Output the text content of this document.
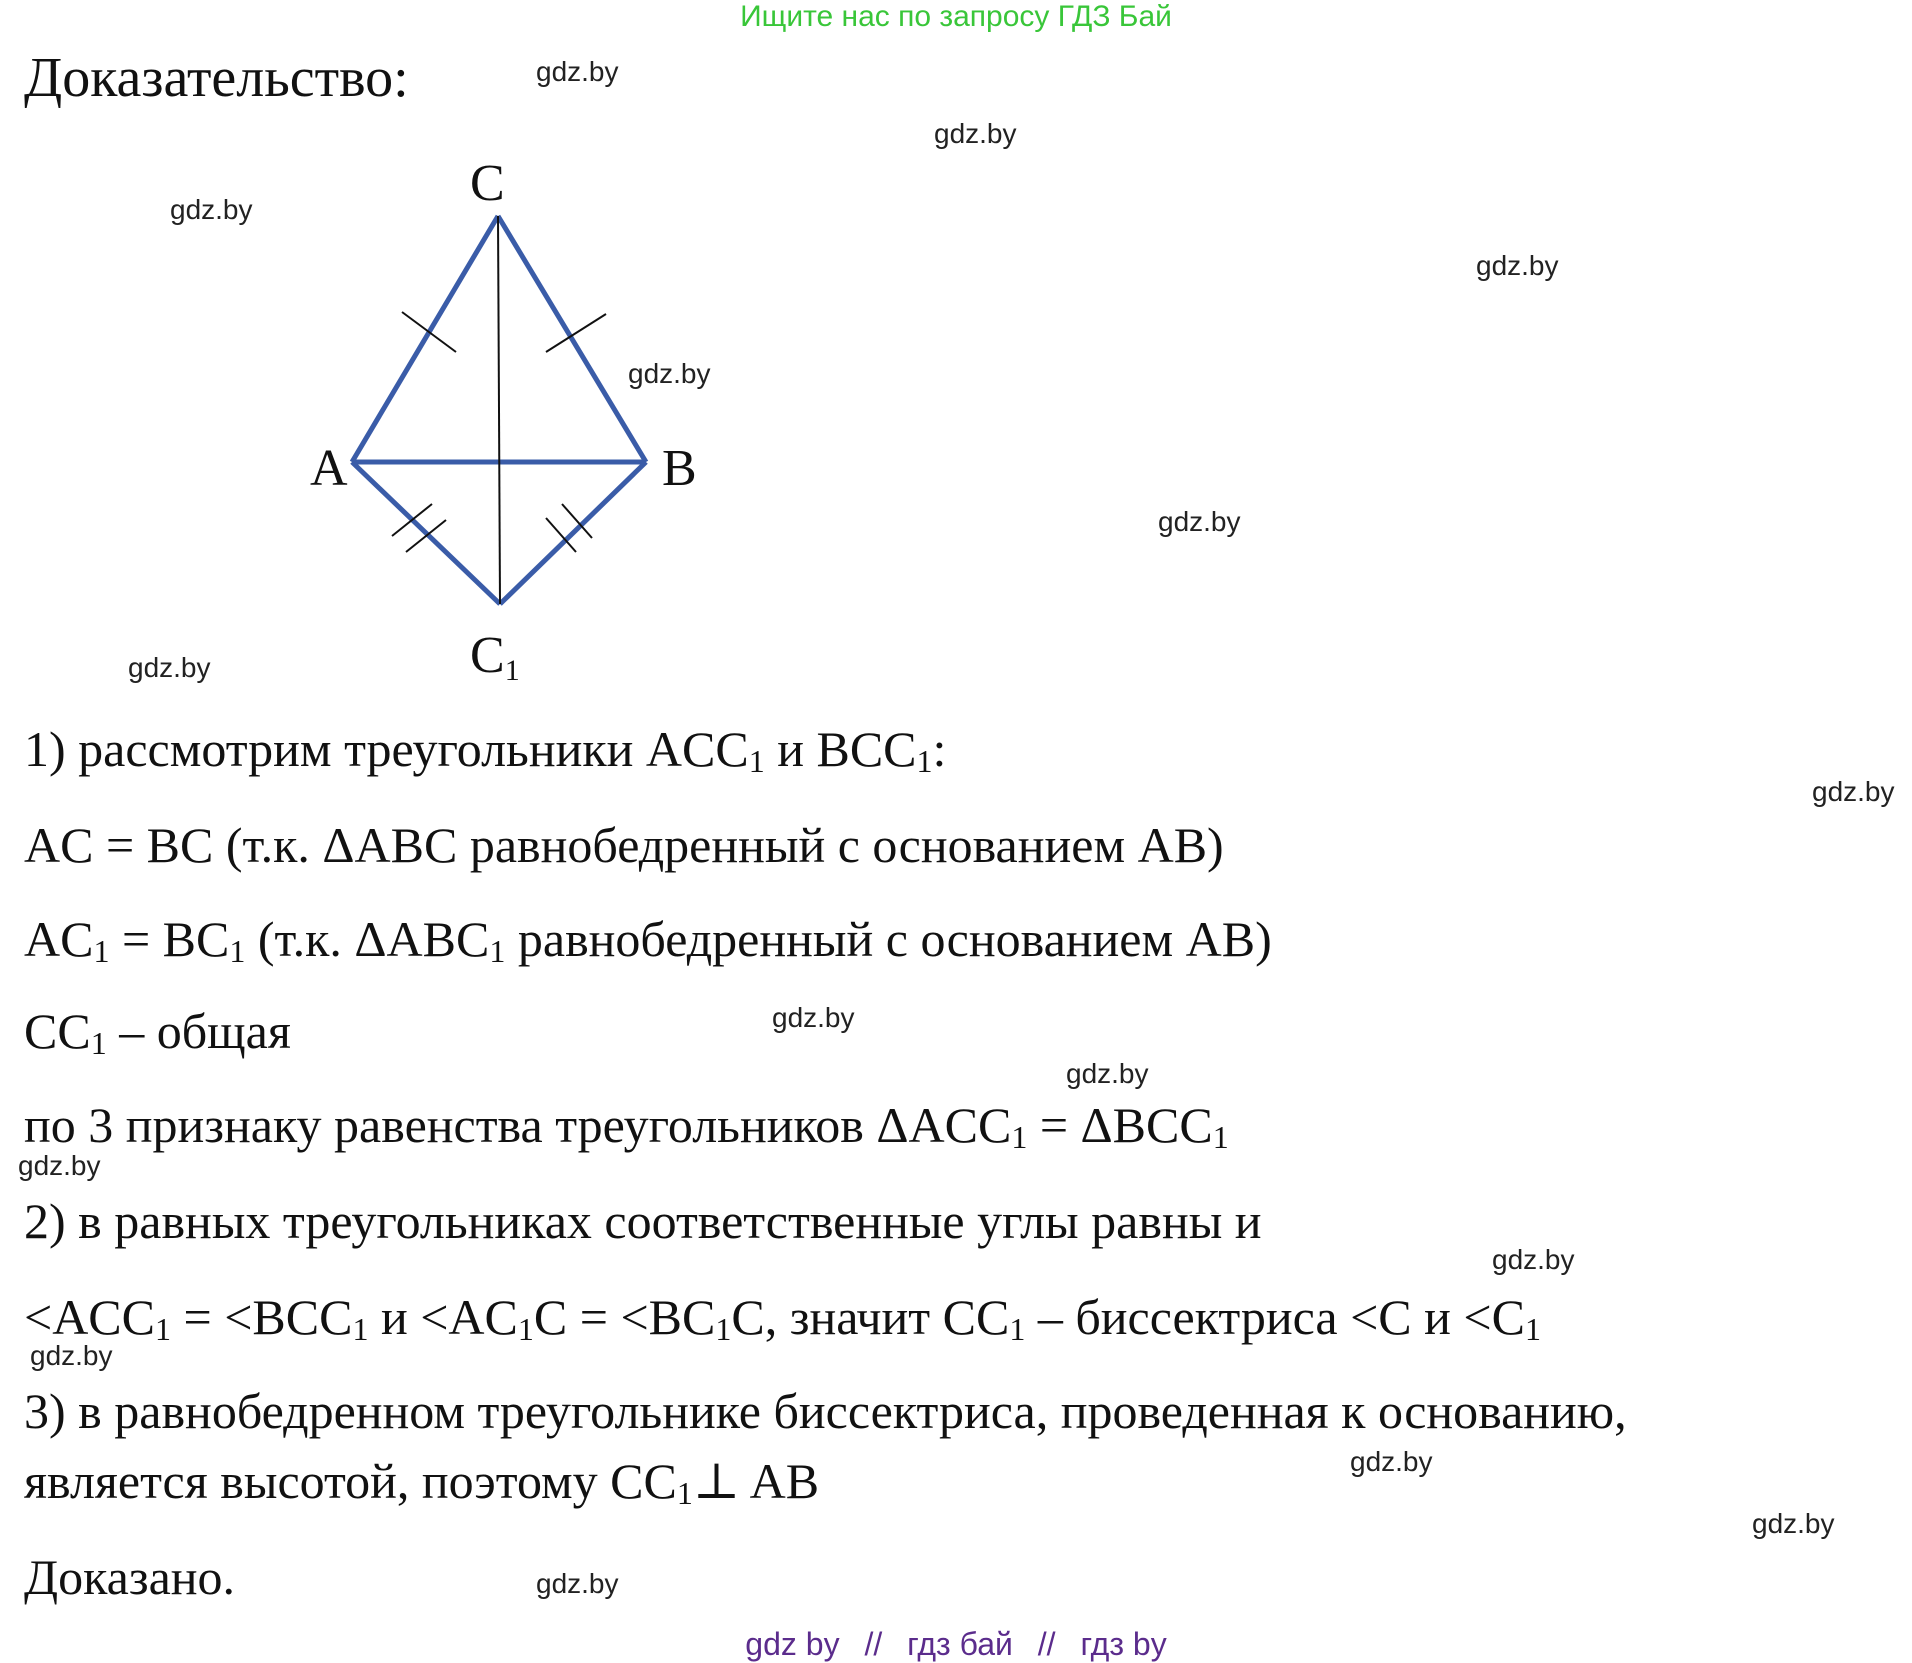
Ищите нас по запросу ГДЗ Бай
Доказательство:
C
A	B
C1
1) рассмотрим треугольники $ACC_1$ и $BCC_1$:
AC = BC (т.к. ΔABC равнобедренный с основанием AB)
$AC_1 = BC_1$ (т.к. $\Delta ABC_1$ равнобедренный с основанием AB)
$CC_1$ – общая
по 3 признаку равенства треугольников $\Delta ACC_1 = \Delta BCC_1$
2) в равных треугольниках соответственные углы равны и
$<ACC_1 = <BCC_1$ $и <AC_1C = <BC_1C$, значит $CC_1$ – биссектриса <C $и <C_1$
3) в равнобедренном треугольнике биссектриса, проведенная к основанию,
является высотой, поэтому $CC_1\perp$ AB
Доказано.
gdz.by
gdz.by
gdz.by
gdz.by
gdz.by
gdz.by
gdz.by
gdz.by
gdz.by
gdz.by
gdz.by
gdz.by
gdz.by
gdz.by
gdz.by
gdz.by
gdz by // гдз бай // гдз by
